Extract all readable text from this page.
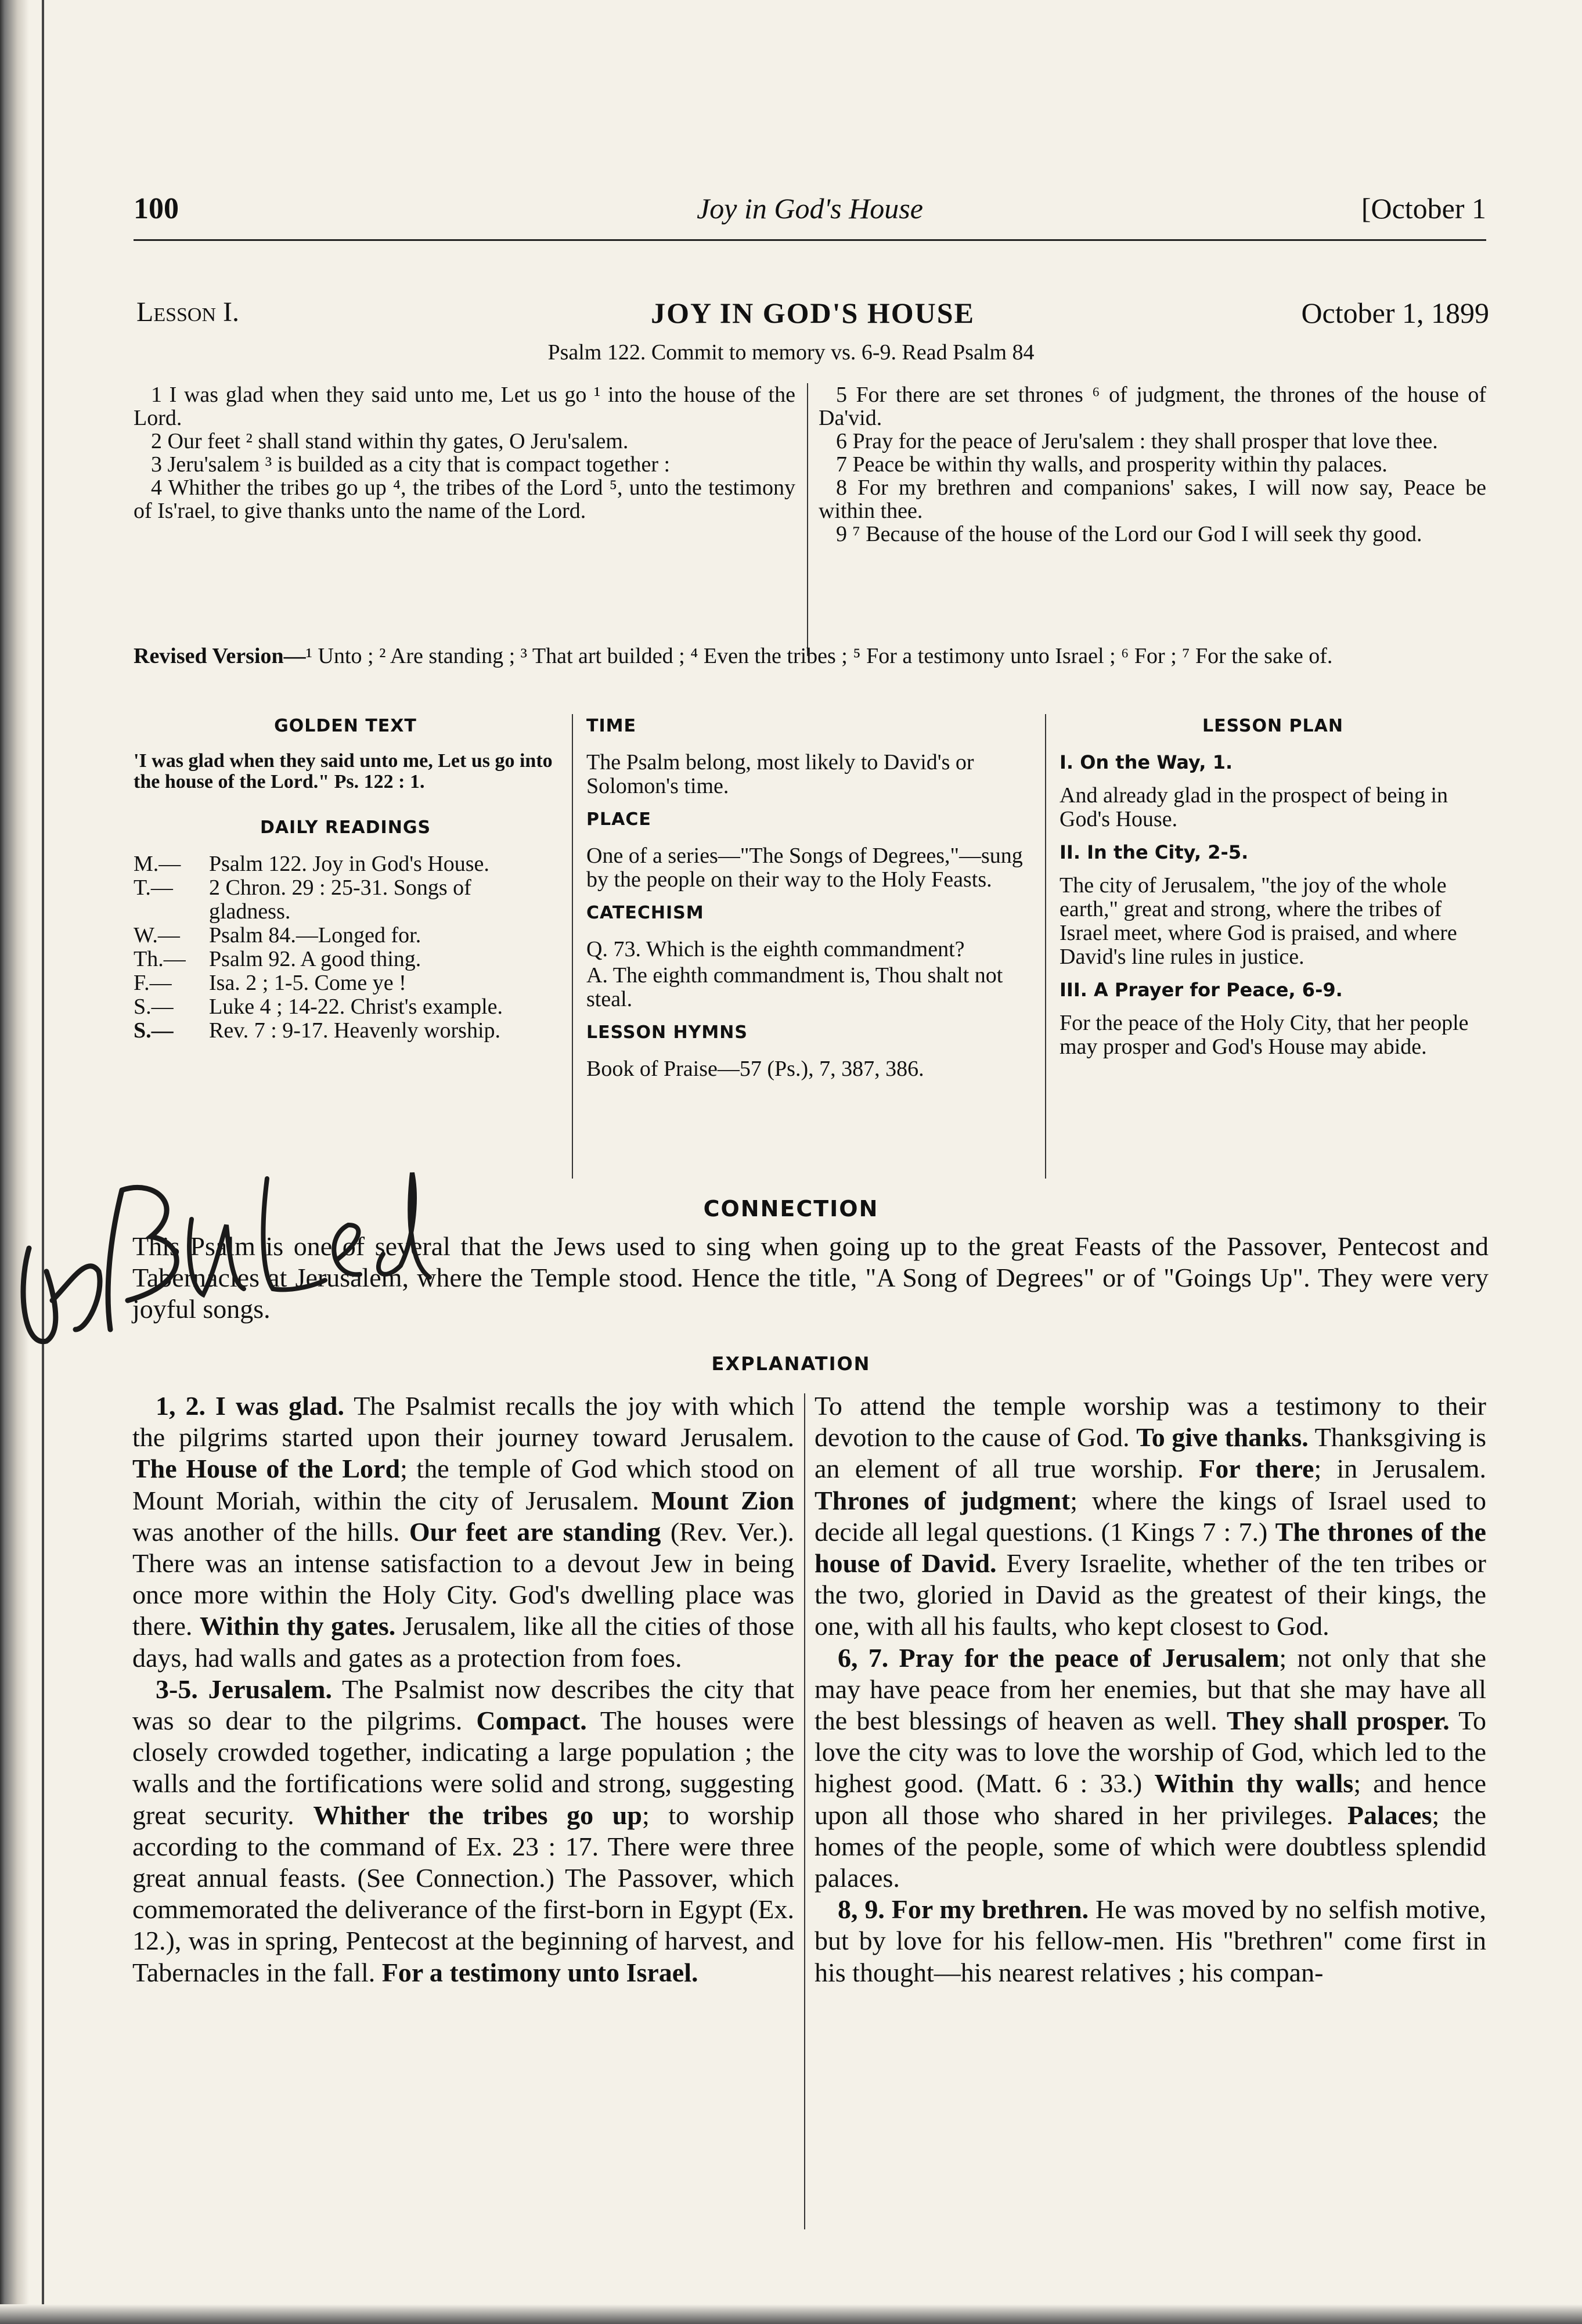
100	Joy in God's House	[October 1
Lesson I.	JOY IN GOD'S HOUSE	October 1, 1899
Psalm 122. Commit to memory vs. 6-9. Read Psalm 84

1 I was glad when they said unto me, Let us go ¹ into the house of the Lord.

2 Our feet ² shall stand within thy gates, O Jeru'salem.

3 Jeru'salem ³ is builded as a city that is compact together :

4 Whither the tribes go up ⁴, the tribes of the Lord ⁵, unto the testimony of Is'rael, to give thanks unto the name of the Lord.

5 For there are set thrones ⁶ of judgment, the thrones of the house of Da'vid.

6 Pray for the peace of Jeru'salem : they shall prosper that love thee.

7 Peace be within thy walls, and prosperity within thy palaces.

8 For my brethren and companions' sakes, I will now say, Peace be within thee.

9 ⁷ Because of the house of the Lord our God I will seek thy good.

Revised Version—¹ Unto ; ² Are standing ; ³ That art builded ; ⁴ Even the tribes ; ⁵ For a testimony unto Israel ; ⁶ For ; ⁷ For the sake of.
GOLDEN TEXT

'I was glad when they said unto me, Let us go into the house of the Lord." Ps. 122 : 1.

DAILY READINGS
M.—	Psalm 122. Joy in God's House.
T.—	2 Chron. 29 : 25-31. Songs of gladness.
W.—	Psalm 84.—Longed for.
Th.—	Psalm 92. A good thing.
F.—	Isa. 2 ; 1-5. Come ye !
S.—	Luke 4 ; 14-22. Christ's example.
S.—	Rev. 7 : 9-17. Heavenly worship.
TIME

The Psalm belong, most likely to David's or Solomon's time.

PLACE

One of a series—"The Songs of Degrees,"—sung by the people on their way to the Holy Feasts.

CATECHISM

Q. 73. Which is the eighth commandment?

A. The eighth commandment is, Thou shalt not steal.

LESSON HYMNS

Book of Praise—57 (Ps.), 7, 387, 386.

LESSON PLAN

I. On the Way, 1.

And already glad in the prospect of being in God's House.

II. In the City, 2-5.

The city of Jerusalem, "the joy of the whole earth," great and strong, where the tribes of Israel meet, where God is praised, and where David's line rules in justice.

III. A Prayer for Peace, 6-9.

For the peace of the Holy City, that her people may prosper and God's House may abide.

CONNECTION
This Psalm is one of several that the Jews used to sing when going up to the great Feasts of the Passover, Pentecost and Tabernacles at Jerusalem, where the Temple stood. Hence the title, "A Song of Degrees" or of "Goings Up". They were very joyful songs.
EXPLANATION

1, 2. I was glad. The Psalmist recalls the joy with which the pilgrims started upon their journey toward Jerusalem. The House of the Lord; the temple of God which stood on Mount Moriah, within the city of Jerusalem. Mount Zion was another of the hills. Our feet are standing (Rev. Ver.). There was an intense satisfaction to a devout Jew in being once more within the Holy City. God's dwelling place was there. Within thy gates. Jerusalem, like all the cities of those days, had walls and gates as a protection from foes.

3-5. Jerusalem. The Psalmist now describes the city that was so dear to the pilgrims. Compact. The houses were closely crowded together, indicating a large population ; the walls and the fortifications were solid and strong, suggesting great security. Whither the tribes go up; to worship according to the command of Ex. 23 : 17. There were three great annual feasts. (See Connection.) The Passover, which commemorated the deliverance of the first-born in Egypt (Ex. 12.), was in spring, Pentecost at the beginning of harvest, and Tabernacles in the fall. For a testimony unto Israel.

To attend the temple worship was a testimony to their devotion to the cause of God. To give thanks. Thanksgiving is an element of all true worship. For there; in Jerusalem. Thrones of judgment; where the kings of Israel used to decide all legal questions. (1 Kings 7 : 7.) The thrones of the house of David. Every Israelite, whether of the ten tribes or the two, gloried in David as the greatest of their kings, the one, with all his faults, who kept closest to God.

6, 7. Pray for the peace of Jerusalem; not only that she may have peace from her enemies, but that she may have all the best blessings of heaven as well. They shall prosper. To love the city was to love the worship of God, which led to the highest good. (Matt. 6 : 33.) Within thy walls; and hence upon all those who shared in her privileges. Palaces; the homes of the people, some of which were doubtless splendid palaces.

8, 9. For my brethren. He was moved by no selfish motive, but by love for his fellow-men. His "brethren" come first in his thought—his nearest relatives ; his compan-
